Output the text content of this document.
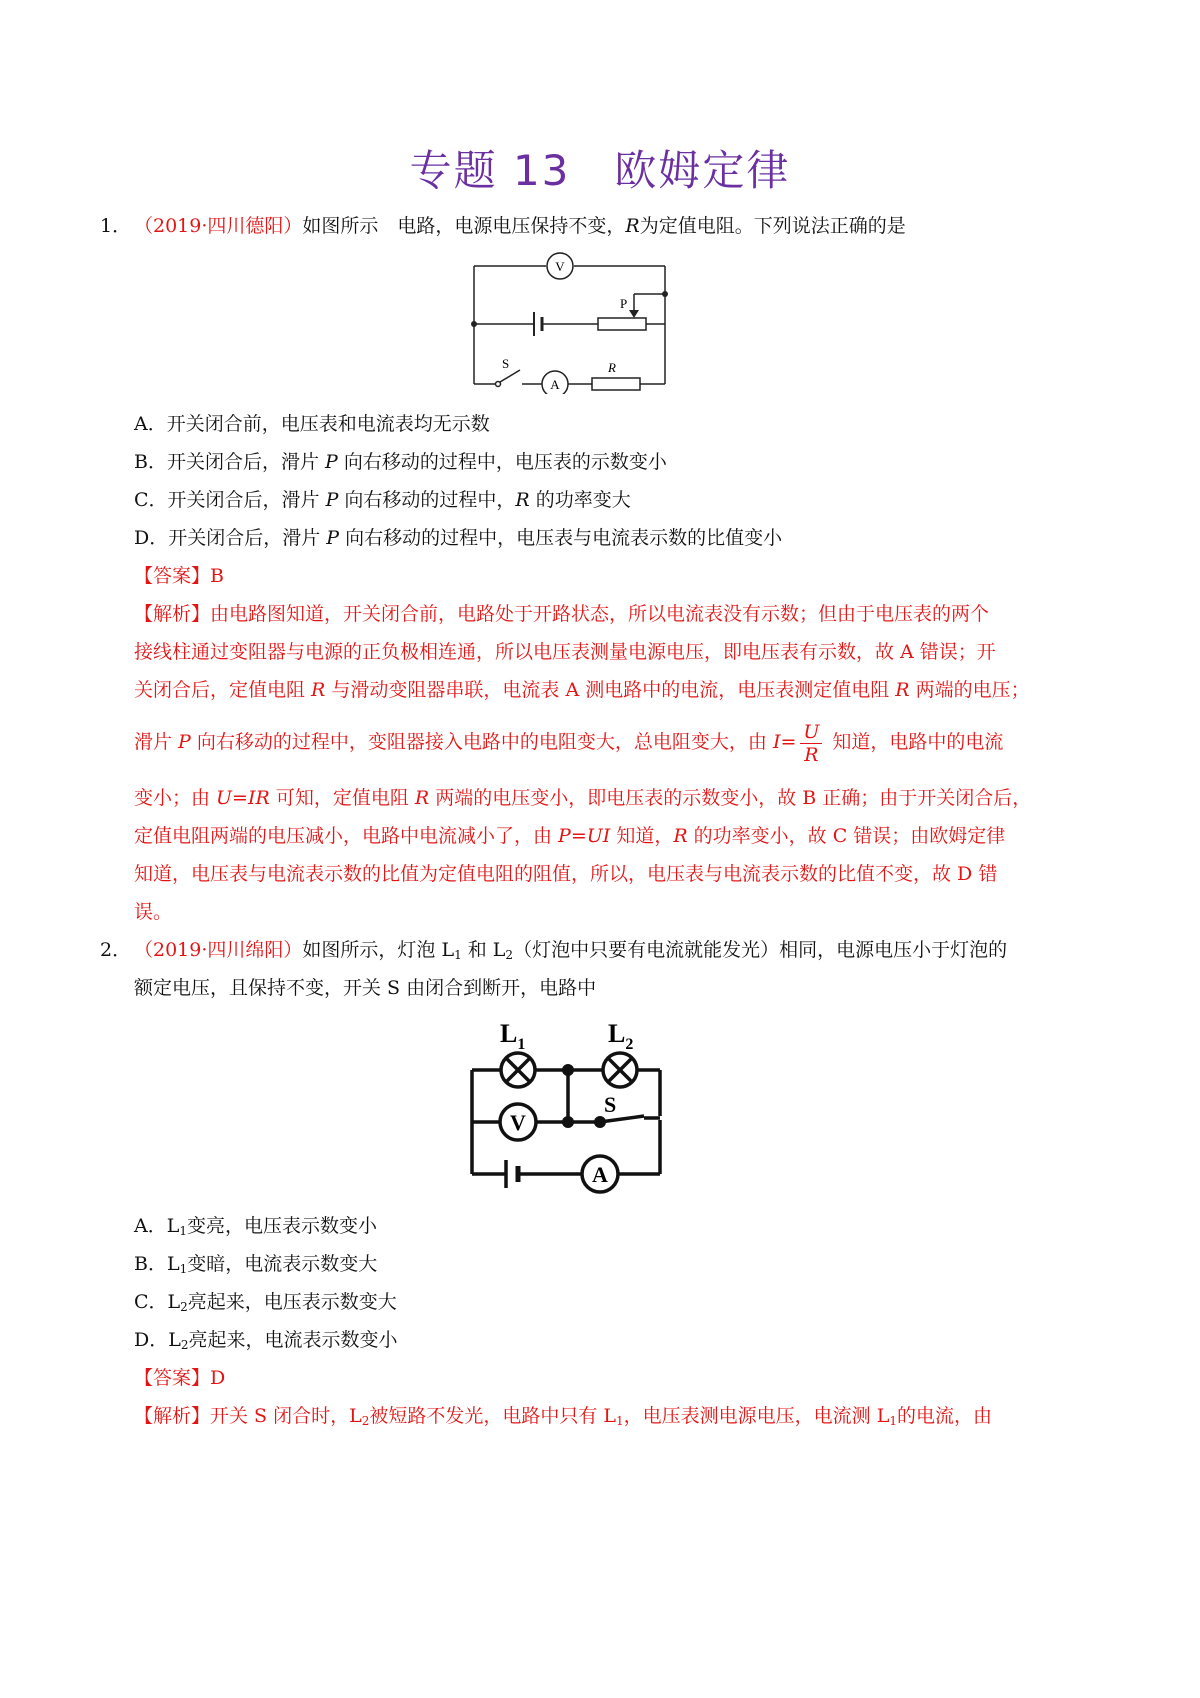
专题 13　欧姆定律
1． （2019·四川德阳）如图所示　电路，电源电压保持不变，R为定值电阻。下列说法正确的是
V
P
S
A
R
A．开关闭合前，电压表和电流表均无示数
B．开关闭合后，滑片 P 向右移动的过程中，电压表的示数变小
C．开关闭合后，滑片 P 向右移动的过程中，R 的功率变大
D．开关闭合后，滑片 P 向右移动的过程中，电压表与电流表示数的比值变小
【答案】B
【解析】由电路图知道，开关闭合前，电路处于开路状态，所以电流表没有示数；但由于电压表的两个
接线柱通过变阻器与电源的正负极相连通，所以电压表测量电源电压，即电压表有示数，故 A 错误；开
关闭合后，定值电阻 R 与滑动变阻器串联，电流表 A 测电路中的电流，电压表测定值电阻 R 两端的电压；
滑片 P 向右移动的过程中，变阻器接入电路中的电阻变大，总电阻变大，由 $I= \frac{U}{R}$ 知道，电路中的电流
变小；由 U=IR 可知，定值电阻 R 两端的电压变小，即电压表的示数变小，故 B 正确；由于开关闭合后，
定值电阻两端的电压减小，电路中电流减小了，由 P=UI 知道，R 的功率变小，故 C 错误；由欧姆定律
知道，电压表与电流表示数的比值为定值电阻的阻值，所以，电压表与电流表示数的比值不变，故 D 错
误。
2． （2019·四川绵阳）如图所示，灯泡 $L_1$ 和 $L_2$（灯泡中只要有电流就能发光）相同，电源电压小于灯泡的
额定电压，且保持不变，开关 S 由闭合到断开，电路中
$L_1$	$L_2$
S
V
A
A．$L_1$变亮，电压表示数变小
B．$L_1$变暗，电流表示数变大
C．$L_2$亮起来，电压表示数变大
D．$L_2$亮起来，电流表示数变小
【答案】D
【解析】开关 S 闭合时，$L_2$被短路不发光，电路中只有 $L_1$，电压表测电源电压，电流测 $L_1$的电流，由
